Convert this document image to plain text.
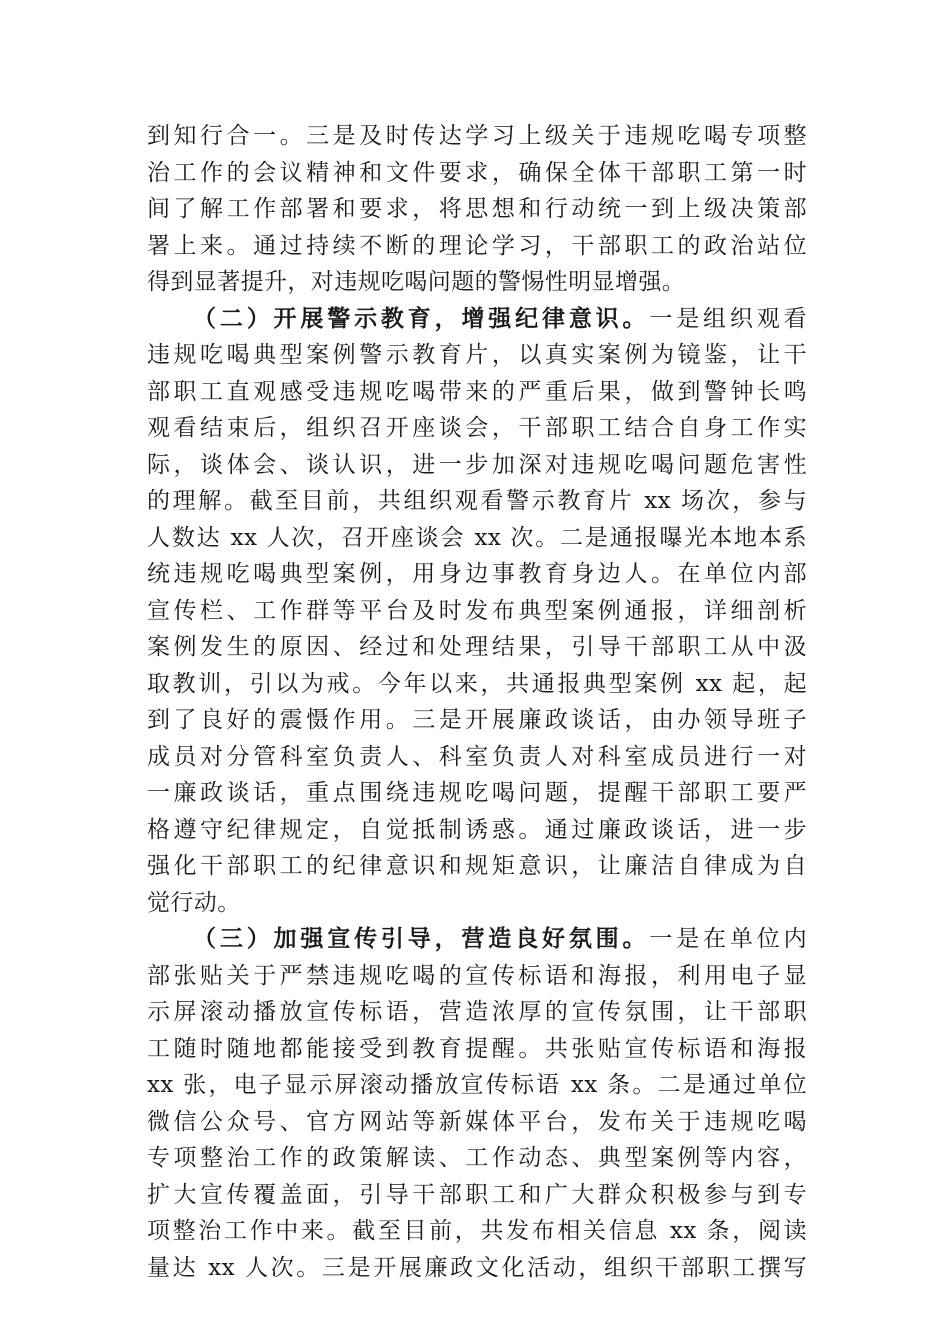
到知行合一。三是及时传达学习上级关于违规吃喝专项整
治工作的会议精神和文件要求，确保全体干部职工第一时
间了解工作部署和要求，将思想和行动统一到上级决策部
署上来。通过持续不断的理论学习，干部职工的政治站位
得到显著提升，对违规吃喝问题的警惕性明显增强。
（二）开展警示教育，增强纪律意识。一是组织观看
违规吃喝典型案例警示教育片，以真实案例为镜鉴，让干
部职工直观感受违规吃喝带来的严重后果，做到警钟长鸣
观看结束后，组织召开座谈会，干部职工结合自身工作实
际，谈体会、谈认识，进一步加深对违规吃喝问题危害性
的理解。截至目前，共组织观看警示教育片 xx 场次，参与
人数达 xx 人次，召开座谈会 xx 次。二是通报曝光本地本系
统违规吃喝典型案例，用身边事教育身边人。在单位内部
宣传栏、工作群等平台及时发布典型案例通报，详细剖析
案例发生的原因、经过和处理结果，引导干部职工从中汲
取教训，引以为戒。今年以来，共通报典型案例 xx 起，起
到了良好的震慑作用。三是开展廉政谈话，由办领导班子
成员对分管科室负责人、科室负责人对科室成员进行一对
一廉政谈话，重点围绕违规吃喝问题，提醒干部职工要严
格遵守纪律规定，自觉抵制诱惑。通过廉政谈话，进一步
强化干部职工的纪律意识和规矩意识，让廉洁自律成为自
觉行动。
（三）加强宣传引导，营造良好氛围。一是在单位内
部张贴关于严禁违规吃喝的宣传标语和海报，利用电子显
示屏滚动播放宣传标语，营造浓厚的宣传氛围，让干部职
工随时随地都能接受到教育提醒。共张贴宣传标语和海报
xx 张，电子显示屏滚动播放宣传标语 xx 条。二是通过单位
微信公众号、官方网站等新媒体平台，发布关于违规吃喝
专项整治工作的政策解读、工作动态、典型案例等内容，
扩大宣传覆盖面，引导干部职工和广大群众积极参与到专
项整治工作中来。截至目前，共发布相关信息 xx 条，阅读
量达 xx 人次。三是开展廉政文化活动，组织干部职工撰写
